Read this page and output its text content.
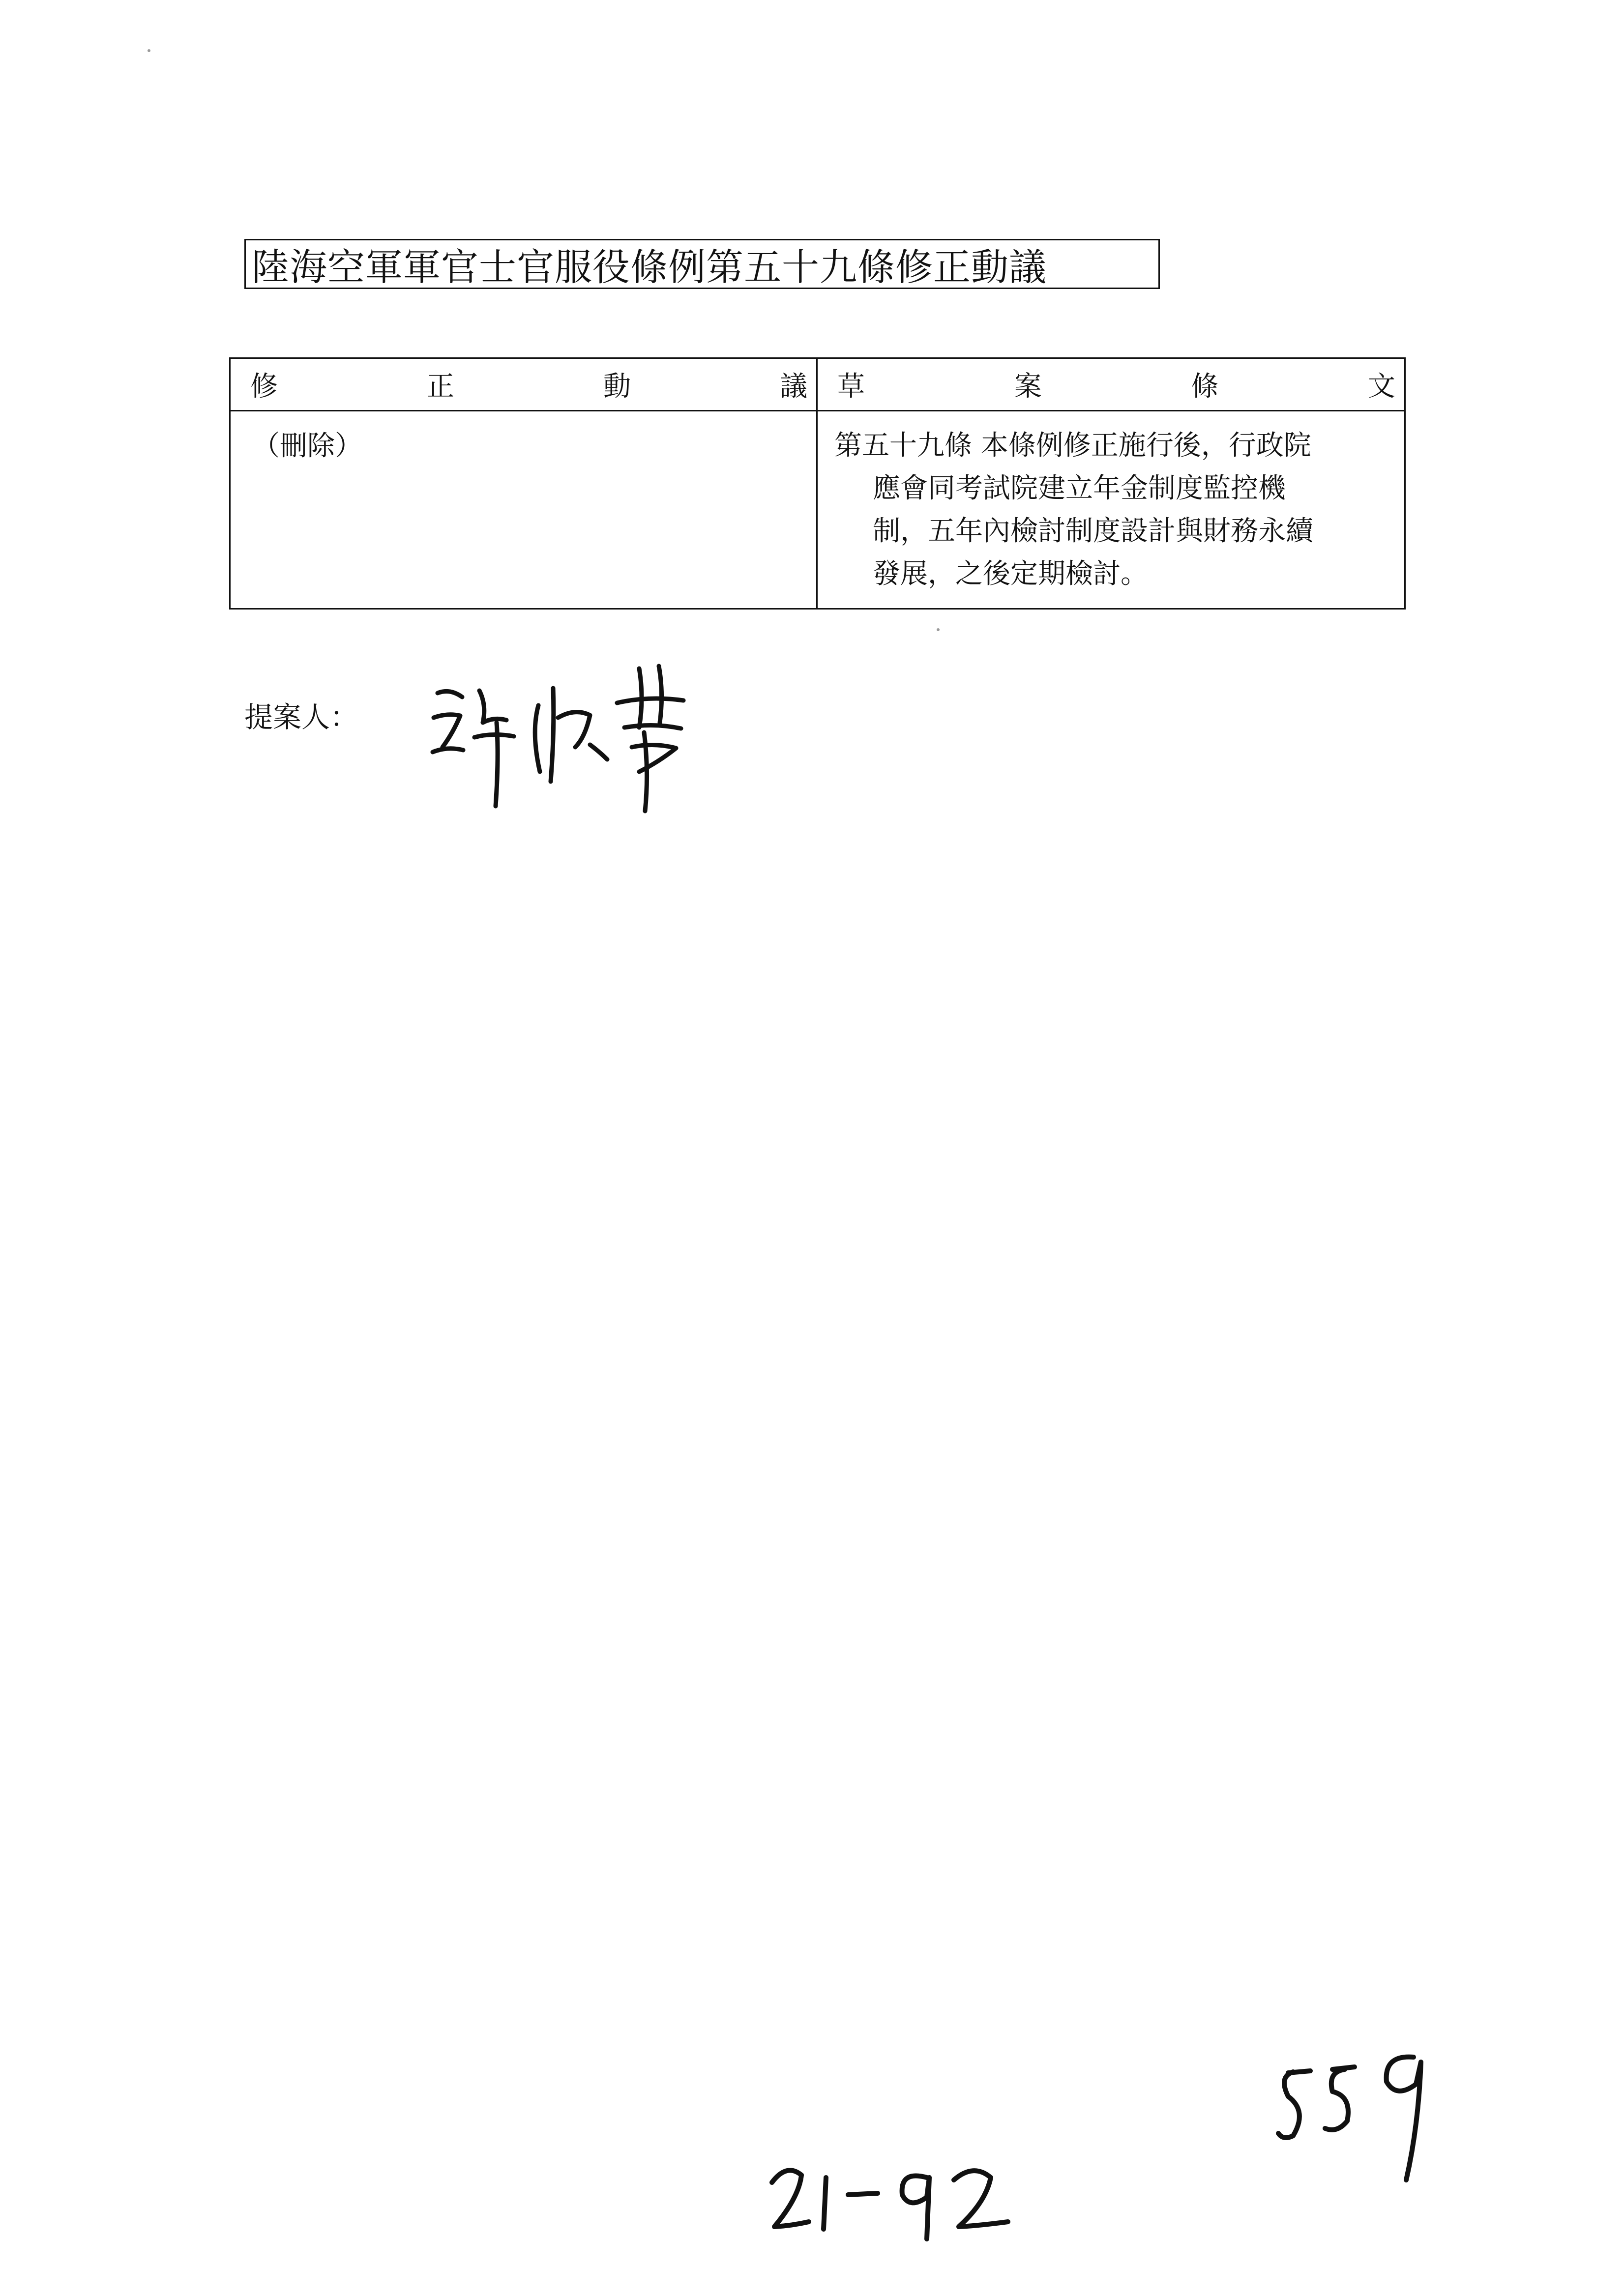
陸海空軍軍官士官服役條例第五十九條修正動議
修 正 動 議	草 案 條 文

（刪除）	第五十九條 本條例修正施行後，行政院
應會同考試院建立年金制度監控機
制，五年內檢討制度設計與財務永續
發展，之後定期檢討。
提案人：
